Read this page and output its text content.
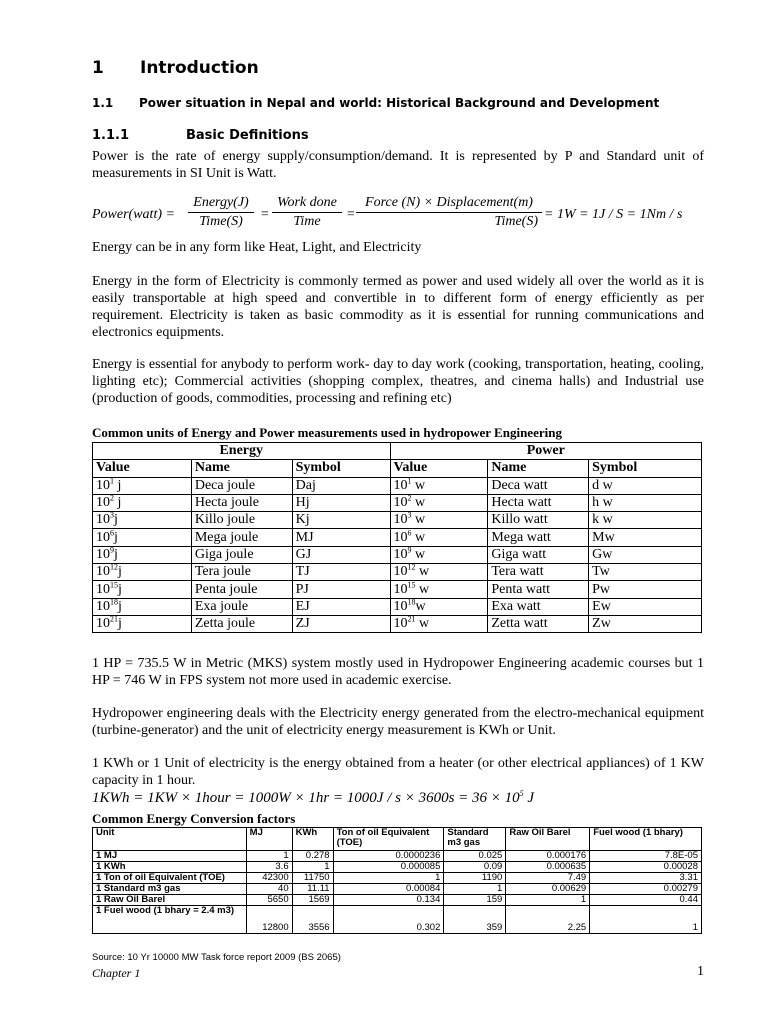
1 Introduction
1.1 Power situation in Nepal and world: Historical Background and Development
1.1.1	Basic Definitions
Power is the rate of energy supply/consumption/demand. It is represented by P and Standard unit of measurements in SI Unit is Watt.
Power(watt) =
Energy(J)
Time(S)	=
Work done
Time	=
Force (N) × Displacement(m)
Time(S) = 1W = 1J / S = 1Nm / s
Energy can be in any form like Heat, Light, and Electricity
Energy in the form of Electricity is commonly termed as power and used widely all over the world as it is easily transportable at high speed and convertible in to different form of energy efficiently as per requirement. Electricity is taken as basic commodity as it is essential for running communications and electronics equipments.
Energy is essential for anybody to perform work- day to day work (cooking, transportation, heating, cooling, lighting etc); Commercial activities (shopping complex, theatres, and cinema halls) and Industrial use (production of goods, commodities, processing and refining etc)
Common units of Energy and Power measurements used in hydropower Engineering
Energy			Power		
Value	Name	Symbol	Value	Name	Symbol
$10^1$ j	Deca joule	Daj	$10^1$ w	Deca watt	d w
$10^2$ j	Hecta joule	Hj	$10^2$ w	Hecta watt	h w
$10^3j$	Killo joule	Kj	$10^3$ w	Killo watt	k w
$10^6j$	Mega joule	MJ	$10^6$ w	Mega watt	Mw
$10^9j$	Giga joule	GJ	$10^9$ w	Giga watt	Gw
$10^{12}j$	Tera joule	TJ	$10^{12}$ w	Tera watt	Tw
$10^{15}j$	Penta joule	PJ	$10^{15}$ w	Penta watt	Pw
$10^{18}j$	Exa joule	EJ	$10^{18}w$	Exa watt	Ew
$10^{21}j$	Zetta joule	ZJ	$10^{21}$ w	Zetta watt	Zw
1 HP = 735.5 W in Metric (MKS) system mostly used in Hydropower Engineering academic courses but 1 HP = 746 W in FPS system not more used in academic exercise.
Hydropower engineering deals with the Electricity energy generated from the electro-mechanical equipment (turbine-generator) and the unit of electricity energy measurement is KWh or Unit.
1 KWh or 1 Unit of electricity is the energy obtained from a heater (or other electrical appliances) of 1 KW capacity in 1 hour.
1KWh = 1KW × 1hour = $1000W \times 1hr = 1000J / s \times 3600s = 36 \times 10^5$ J
Common Energy Conversion factors
Unit	MJ	KWh	Ton of oil Equivalent (TOE)	Standard m3 gas	Raw Oil Barel	Fuel wood (1 bhary)
1 MJ	1	0.278	0.0000236	0.025	0.000176	7.8E-05
1 KWh	3.6	1	0.000085	0.09	0.000635	0.00028
1 Ton of oil Equivalent (TOE)	42300	11750	1	1190	7.49	3.31
1 Standard m3 gas	40	11.11	0.00084	1	0.00629	0.00279
1 Raw Oil Barel	5650	1569	0.134	159	1	0.44
1 Fuel wood (1 bhary = 2.4 m3)	12800	3556	0.302	359	2.25	1
Source: 10 Yr 10000 MW Task force report 2009 (BS 2065)
Chapter 1	1
